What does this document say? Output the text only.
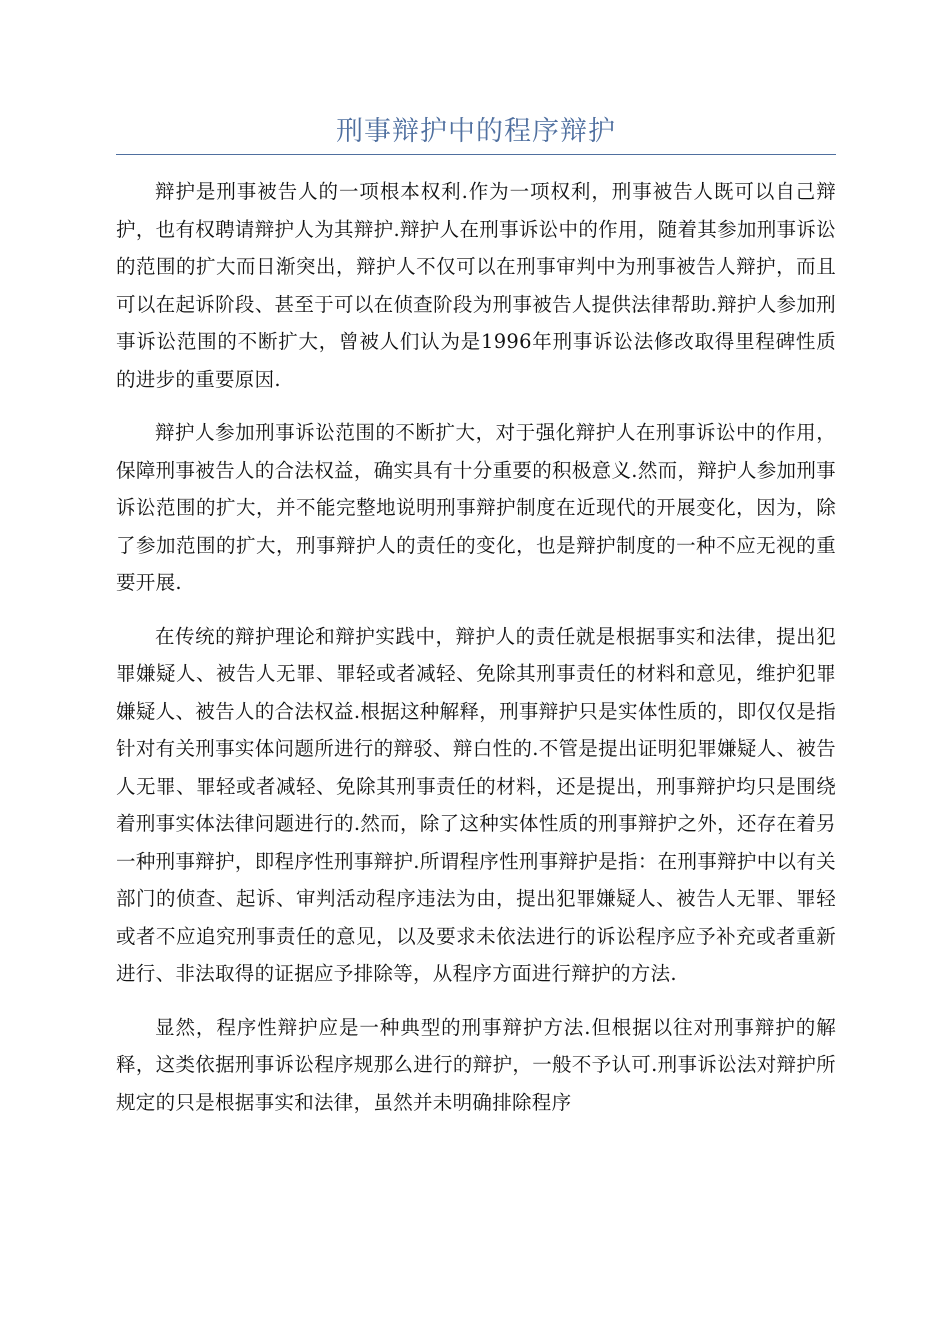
刑事辩护中的程序辩护

辩护是刑事被告人的一项根本权利.作为一项权利，刑事被告人既可以自己辩护，也有权聘请辩护人为其辩护.辩护人在刑事诉讼中的作用，随着其参加刑事诉讼的范围的扩大而日渐突出，辩护人不仅可以在刑事审判中为刑事被告人辩护，而且可以在起诉阶段、甚至于可以在侦查阶段为刑事被告人提供法律帮助.辩护人参加刑事诉讼范围的不断扩大，曾被人们认为是1996年刑事诉讼法修改取得里程碑性质的进步的重要原因.

辩护人参加刑事诉讼范围的不断扩大，对于强化辩护人在刑事诉讼中的作用，保障刑事被告人的合法权益，确实具有十分重要的积极意义.然而，辩护人参加刑事诉讼范围的扩大，并不能完整地说明刑事辩护制度在近现代的开展变化，因为，除了参加范围的扩大，刑事辩护人的责任的变化，也是辩护制度的一种不应无视的重要开展.

在传统的辩护理论和辩护实践中，辩护人的责任就是根据事实和法律，提出犯罪嫌疑人、被告人无罪、罪轻或者减轻、免除其刑事责任的材料和意见，维护犯罪嫌疑人、被告人的合法权益.根据这种解释，刑事辩护只是实体性质的，即仅仅是指针对有关刑事实体问题所进行的辩驳、辩白性的.不管是提出证明犯罪嫌疑人、被告人无罪、罪轻或者减轻、免除其刑事责任的材料，还是提出，刑事辩护均只是围绕着刑事实体法律问题进行的.然而，除了这种实体性质的刑事辩护之外，还存在着另一种刑事辩护，即程序性刑事辩护.所谓程序性刑事辩护是指：在刑事辩护中以有关部门的侦查、起诉、审判活动程序违法为由，提出犯罪嫌疑人、被告人无罪、罪轻或者不应追究刑事责任的意见，以及要求未依法进行的诉讼程序应予补充或者重新进行、非法取得的证据应予排除等，从程序方面进行辩护的方法.

显然，程序性辩护应是一种典型的刑事辩护方法.但根据以往对刑事辩护的解释，这类依据刑事诉讼程序规那么进行的辩护，一般不予认可.刑事诉讼法对辩护所规定的只是根据事实和法律，虽然并未明确排除程序
